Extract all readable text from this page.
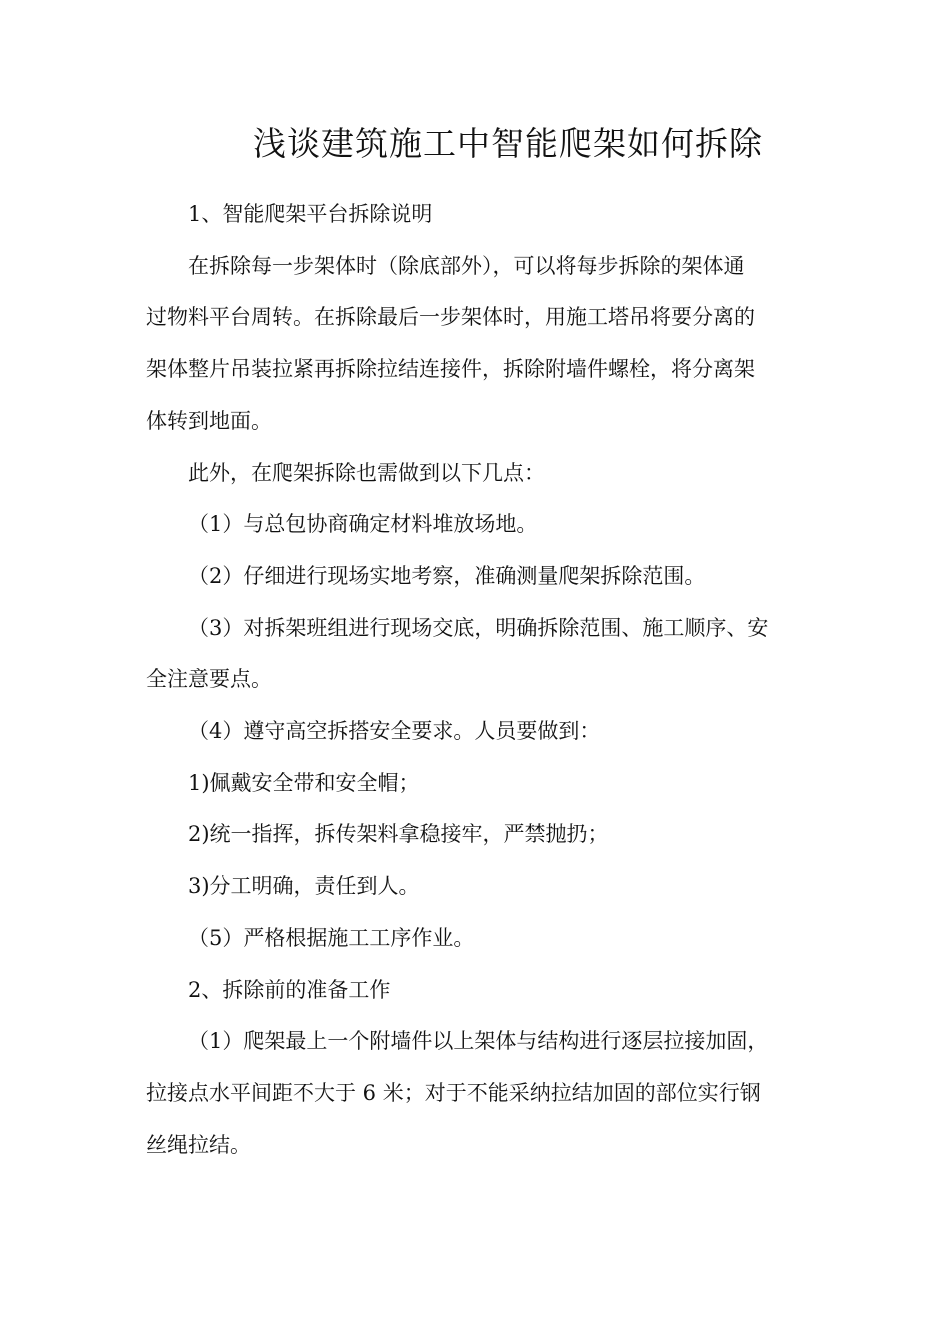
浅谈建筑施工中智能爬架如何拆除

1、智能爬架平台拆除说明

在拆除每一步架体时（除底部外），可以将每步拆除的架体通

过物料平台周转。在拆除最后一步架体时，用施工塔吊将要分离的

架体整片吊装拉紧再拆除拉结连接件，拆除附墙件螺栓，将分离架

体转到地面。

此外，在爬架拆除也需做到以下几点：

（1）与总包协商确定材料堆放场地。

（2）仔细进行现场实地考察，准确测量爬架拆除范围。

（3）对拆架班组进行现场交底，明确拆除范围、施工顺序、安

全注意要点。

（4）遵守高空拆搭安全要求。人员要做到：

1)佩戴安全带和安全帽；

2)统一指挥，拆传架料拿稳接牢，严禁抛扔；

3)分工明确，责任到人。

（5）严格根据施工工序作业。

2、拆除前的准备工作

（1）爬架最上一个附墙件以上架体与结构进行逐层拉接加固，

拉接点水平间距不大于 6 米；对于不能采纳拉结加固的部位实行钢

丝绳拉结。
